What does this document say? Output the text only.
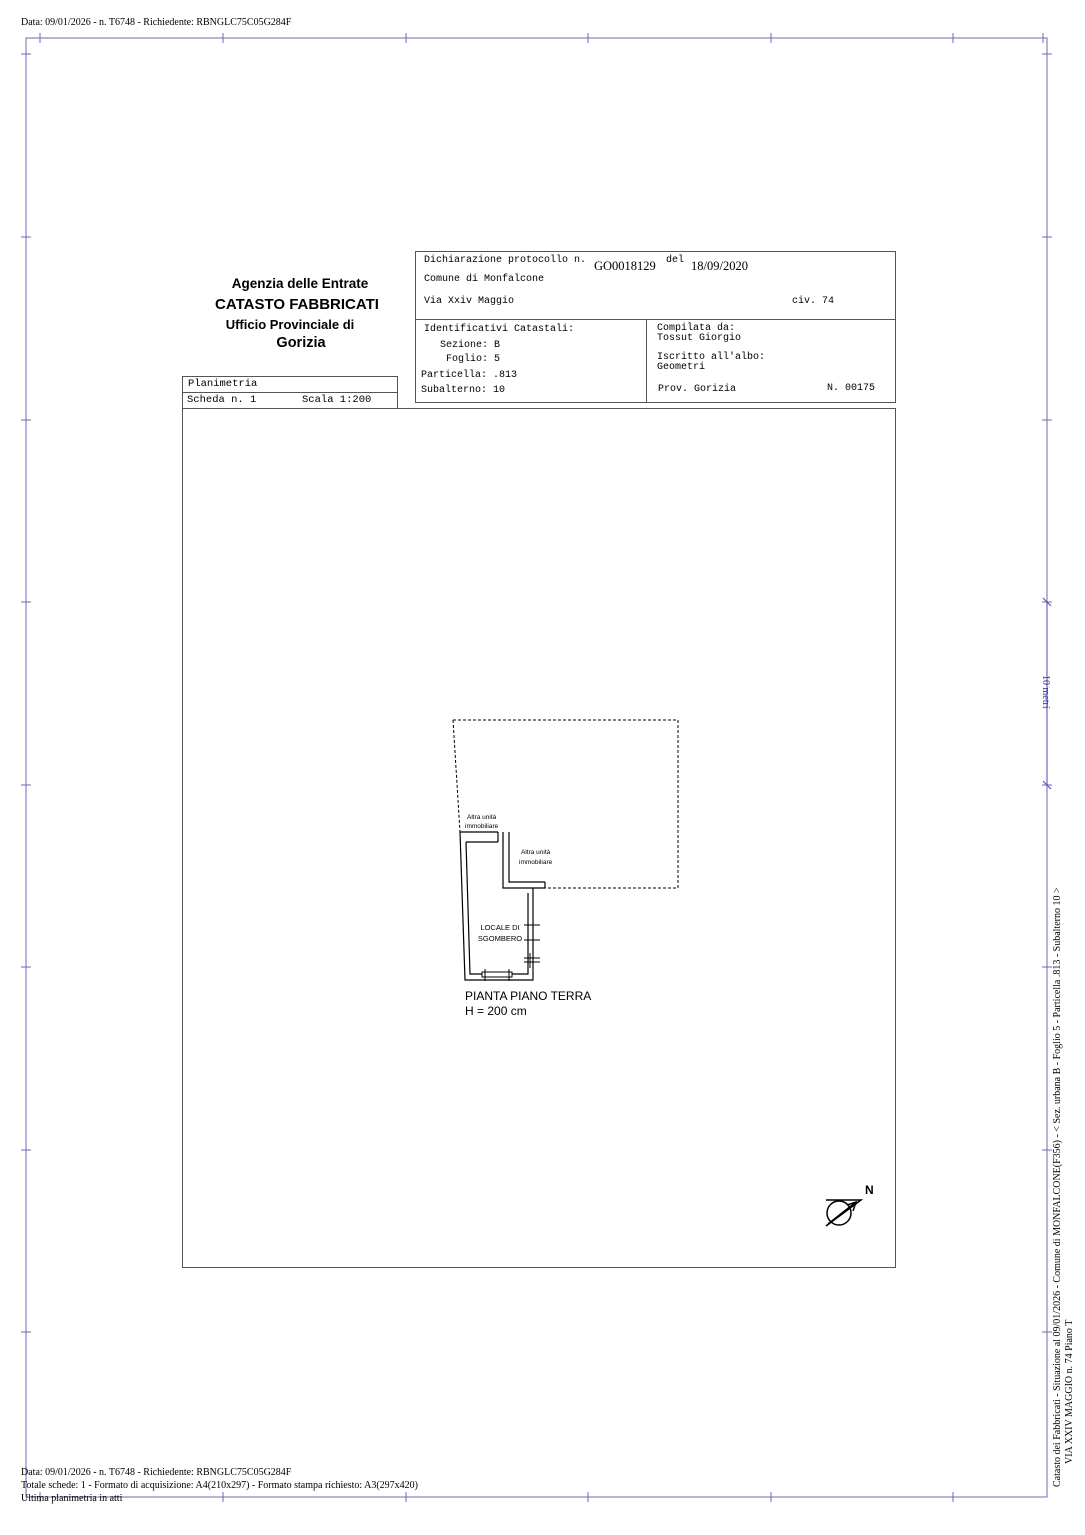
Data: 09/01/2026 - n. T6748 - Richiedente: RBNGLC75C05G284F
Agenzia delle Entrate
CATASTO FABBRICATI
Ufficio Provinciale di
Gorizia
Planimetria
Scheda n. 1	Scala 1:200
Dichiarazione protocollo n. GO0018129 del 18/09/2020
Comune di Monfalcone
Via Xxiv Maggio	civ. 74
Identificativi Catastali:
Sezione: B
Foglio: 5
Particella: .813
Subalterno: 10
Compilata da:
Tossut Giorgio
Iscritto all'albo:
Geometri
Prov. Gorizia	N. 00175
Altra unità
immobiliare
Altra unità
immobiliare
LOCALE DI
SGOMBERO
PIANTA PIANO TERRA
H = 200 cm
N
10 metri
Catasto dei Fabbricati - Situazione al 09/01/2026 - Comune di MONFALCONE(F356) - < Sez. urbana B - Foglio 5 - Particella .813 - Subalterno 10 > VIA XXIV MAGGIO n. 74 Piano T
Data: 09/01/2026 - n. T6748 - Richiedente: RBNGLC75C05G284F
Totale schede: 1 - Formato di acquisizione: A4(210x297) - Formato stampa richiesto: A3(297x420)
Ultima planimetria in atti
